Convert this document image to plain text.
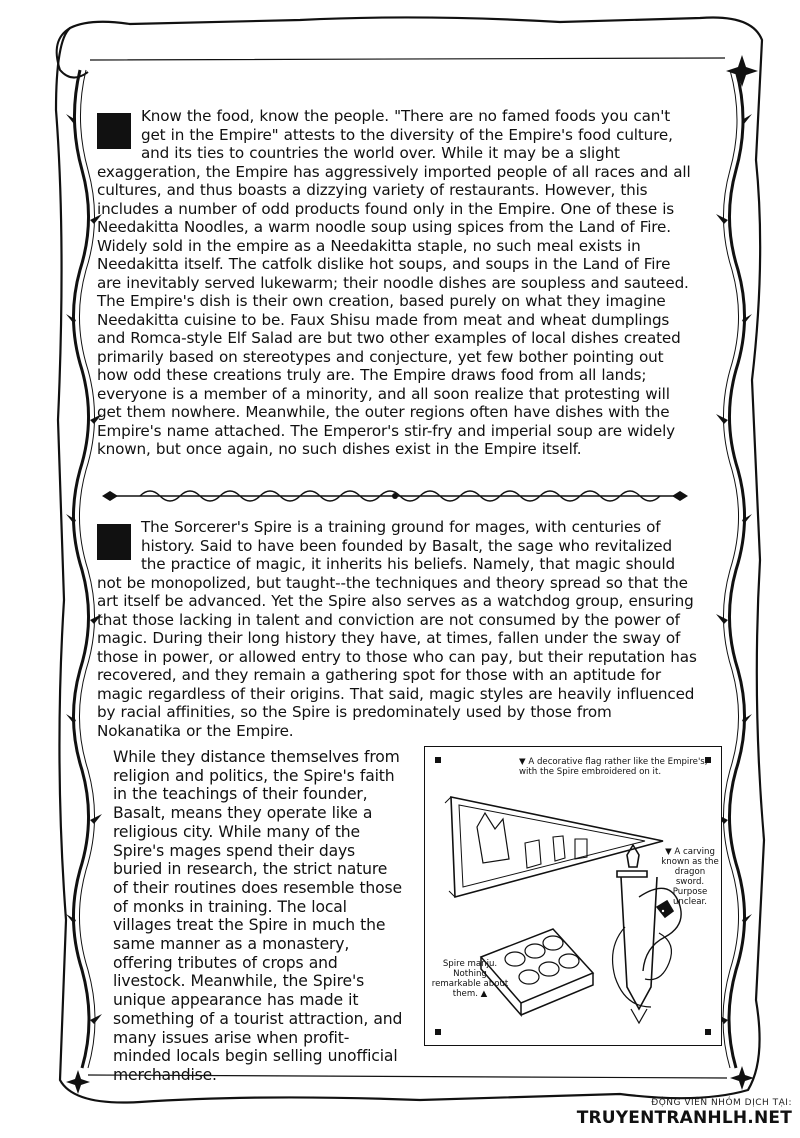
Know the food, know the people. "There are no famed foods you can't get in the Empire" attests to the diversity of the Empire's food culture, and its ties to countries the world over. While it may be a slight exaggeration, the Empire has aggressively imported people of all races and all cultures, and thus boasts a dizzying variety of restaurants. However, this includes a number of odd products found only in the Empire. One of these is Needakitta Noodles, a warm noodle soup using spices from the Land of Fire. Widely sold in the empire as a Needakitta staple, no such meal exists in Needakitta itself. The catfolk dislike hot soups, and soups in the Land of Fire are inevitably served lukewarm; their noodle dishes are soupless and sauteed. The Empire's dish is their own creation, based purely on what they imagine Needakitta cuisine to be. Faux Shisu made from meat and wheat dumplings and Romca-style Elf Salad are but two other examples of local dishes created primarily based on stereotypes and conjecture, yet few bother pointing out how odd these creations truly are. The Empire draws food from all lands; everyone is a member of a minority, and all soon realize that protesting will get them nowhere. Meanwhile, the outer regions often have dishes with the Empire's name attached. The Emperor's stir-fry and imperial soup are widely known, but once again, no such dishes exist in the Empire itself.
The Sorcerer's Spire is a training ground for mages, with centuries of history. Said to have been founded by Basalt, the sage who revitalized the practice of magic, it inherits his beliefs. Namely, that magic should not be monopolized, but taught--the techniques and theory spread so that the art itself be advanced. Yet the Spire also serves as a watchdog group, ensuring that those lacking in talent and conviction are not consumed by the power of magic. During their long history they have, at times, fallen under the sway of those in power, or allowed entry to those who can pay, but their reputation has recovered, and they remain a gathering spot for those with an aptitude for magic regardless of their origins. That said, magic styles are heavily influenced by racial affinities, so the Spire is predominately used by those from Nokanatika or the Empire.
While they distance themselves from religion and politics, the Spire's faith in the teachings of their founder, Basalt, means they operate like a religious city. While many of the Spire's mages spend their days buried in research, the strict nature of their routines does resemble those of monks in training. The local villages treat the Spire in much the same manner as a monastery, offering tributes of crops and livestock. Meanwhile, the Spire's unique appearance has made it something of a tourist attraction, and many issues arise when profit-minded locals begin selling unofficial merchandise.
▼ A decorative flag rather like the Empire's, with the Spire embroidered on it.
▼ A carving known as the dragon sword. Purpose unclear.
Spire manju. Nothing remarkable about them. ▲
ĐỘNG VIÊN NHÓM DỊCH TẠI:
TRUYENTRANHLH.NET
